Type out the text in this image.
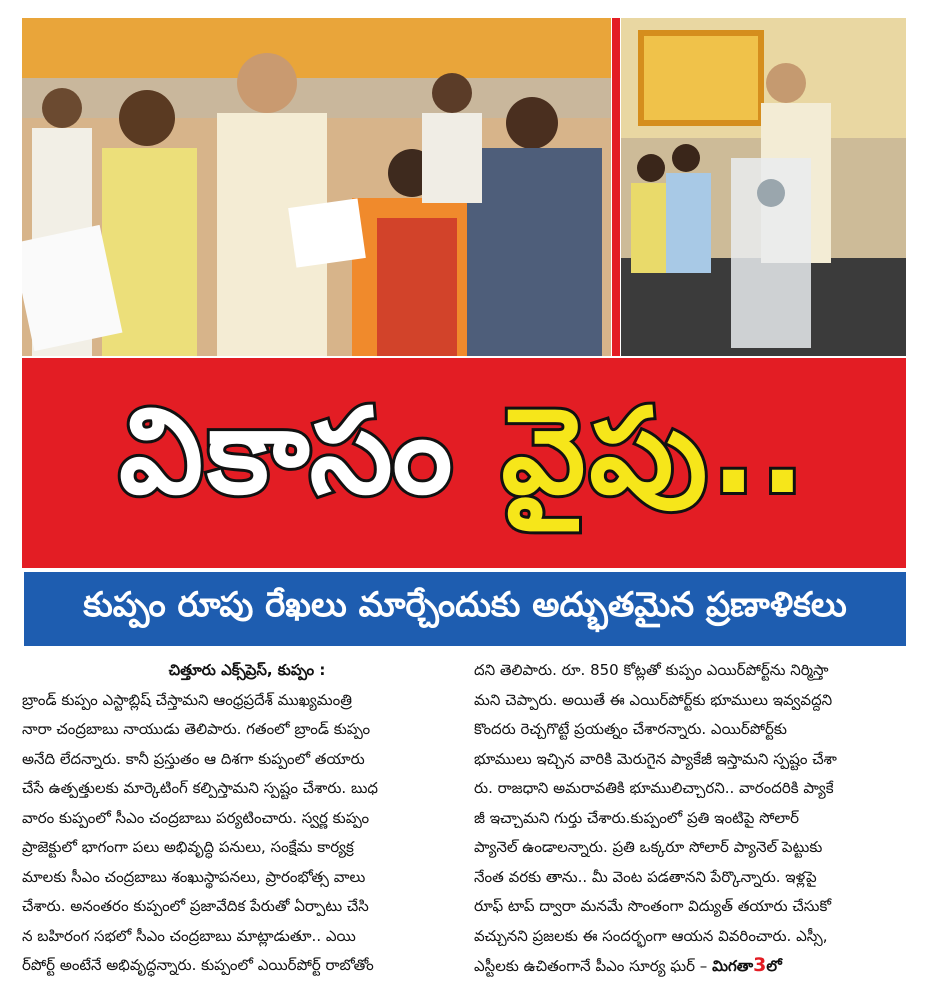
వికాసం వైపు..
కుప్పం రూపు రేఖలు మార్చేందుకు అద్భుతమైన ప్రణాళికలు
చిత్తూరు ఎక్స్‌ప్రెస్, కుప్పం :
బ్రాండ్ కుప్పం ఎస్టాబ్లిష్ చేస్తామని ఆంధ్రప్రదేశ్ ముఖ్యమంత్రి
నారా చంద్రబాబు నాయుడు తెలిపారు. గతంలో బ్రాండ్ కుప్పం
అనేది లేదన్నారు. కానీ ప్రస్తుతం ఆ దిశగా కుప్పంలో తయారు
చేసే ఉత్పత్తులకు మార్కెటింగ్ కల్పిస్తామని స్పష్టం చేశారు. బుధ
వారం కుప్పంలో సీఎం చంద్రబాబు పర్యటించారు. స్వర్ణ కుప్పం
ప్రాజెక్టులో భాగంగా పలు అభివృద్ధి పనులు, సంక్షేమ కార్యక్ర
మాలకు సీఎం చంద్రబాబు శంఖుస్థాపనలు, ప్రారంభోత్స వాలు
చేశారు. అనంతరం కుప్పంలో ప్రజావేదిక పేరుతో ఏర్పాటు చేసి
న బహిరంగ సభలో సీఎం చంద్రబాబు మాట్లాడుతూ.. ఎయి
ర్‌పోర్ట్ అంటేనే అభివృద్ధన్నారు. కుప్పంలో ఎయిర్‌పోర్ట్ రాబోతోం
దని తెలిపారు. రూ. 850 కోట్లతో కుప్పం ఎయిర్‌పోర్ట్‌ను నిర్మిస్తా
మని చెప్పారు. అయితే ఈ ఎయిర్‌పోర్ట్‌కు భూములు ఇవ్వవద్దని
కొందరు రెచ్చగొట్టే ప్రయత్నం చేశారన్నారు. ఎయిర్‌పోర్ట్‌కు
భూములు ఇచ్చిన వారికి మెరుగైన ప్యాకేజీ ఇస్తామని స్పష్టం చేశా
రు. రాజధాని అమరావతికి భూములిచ్చారని.. వారందరికి ప్యాకే
జీ ఇచ్చామని గుర్తు చేశారు.కుప్పంలో ప్రతి ఇంటిపై సోలార్
ప్యానెల్ ఉండాలన్నారు. ప్రతి ఒక్కరూ సోలార్ ప్యానెల్ పెట్టుకు
నేంత వరకు తాను.. మీ వెంట పడతానని పేర్కొన్నారు. ఇళ్లపై
రూఫ్ టాప్ ద్వారా మనమే సొంతంగా విద్యుత్ తయారు చేసుకో
వచ్చునని ప్రజలకు ఈ సందర్భంగా ఆయన వివరించారు. ఎస్సీ,
ఎస్టీలకు ఉచితంగానే పీఎం సూర్య ఘర్ – మిగతా3లో
